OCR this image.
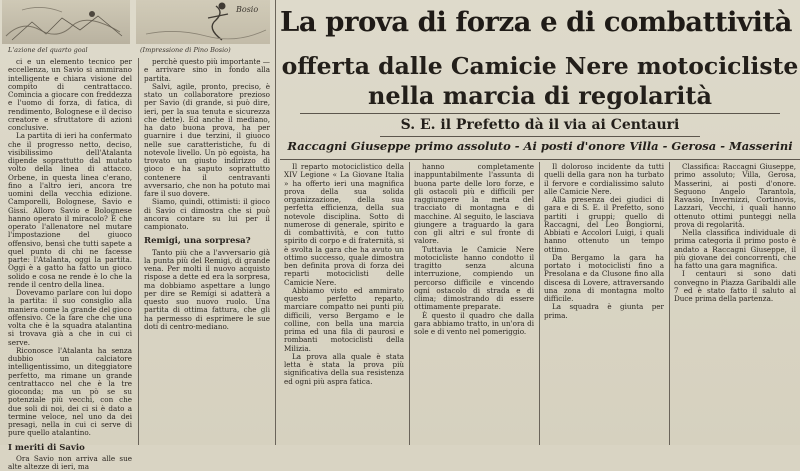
Bosio
L'azione del quarto goal	(Impressione di Pino Bosio)

ci e un elemento tecnico per eccellenza, un Savio si ammirano intelligente e chiara visione del compito di centrattacco. Comincia a giocare con freddezza e l'uomo di forza, di fatica, di rendimento, Bolognese e il deciso creatore e sfruttatore di azioni conclusive.

La partita di ieri ha confermato che il progresso netto, deciso, visibilissimo dell'Atalanta dipende soprattutto dal mutato volto della linea di attacco. Orbene, in questa linea c'erano, fino a l'altro ieri, ancora tre uomini della vecchia edizione. Camporelli, Bolognese, Savio e Gissi. Alloro Savio e Bolognese hanno operato il miracolo? E che operato l'allenatore nel mutare l'impostazione del giuoco offensivo, bensì che tutti sapete a quel punto di chi ne facesse parte: l'Atalanta, oggi la partita. Oggi è a gatto ha fatto un gioco solido e cosa ne rende è lo che la rende il centro della linea.

Dovevamo parlare con lui dopo la partita: il suo consiglio alla maniera come la grande del gioco offensivo. Ce la fare che che una volta che è la squadra atalantina si trovava già a che in cui ci serve.

Riconosce l'Atalanta ha senza dubbio un calciatore intelligentissimo, un diteggiatore perfetto, ma rimane un grande centrattacco nel che è la tre gioconda; ma un pò se su potenziale più vecchi, con che due soli di noi, dei ci si è dato a termine veloce, nel uno da dei presagi, nella in cui ci serve di pure quello atalantino.

I meriti di Savio

Ora Savio non arriva alle sue alte altezze di ieri, ma

perchè questo più importante — e arrivare sino in fondo alla partita.

Salvi, agile, pronto, preciso, è stato un collaboratore prezioso per Savio (di grande, si può dire, ieri, per la sua tenuta e sicurezza che dette). Ed anche il mediano, ha dato buona prova, ha per guarnire i due terzini, il giuoco nelle sue caratteristiche, fu di notevole livello. Un pò egoista, ha trovato un giusto indirizzo di gioco e ha saputo soprattutto contenere il centravanti avversario, che non ha potuto mai fare il suo dovere.

Siamo, quindi, ottimisti: il gioco di Savio ci dimostra che si può ancora contare su lui per il campionato.

Remigi, una sorpresa?

Tanto più che a l'avversario già la punta più del Remigi, di grande vena. Per molti il nuovo acquisto rispose a dette ed era la sorpresa, ma dobbiamo aspettare a lungo per dire se Remigi si adatterà a questo suo nuovo ruolo. Una partita di ottima fattura, che gli ha permesso di esprimere le sue doti di centro-mediano.

La prova di forza e di combattività
offerta dalle Camicie Nere motocicliste
nella marcia di regolarità
S. E. il Prefetto dà il via ai Centauri
Raccagni Giuseppe primo assoluto - Ai posti d'onore Villa - Gerosa - Masserini

Il reparto motociclistico della XIV Legione « La Giovane Italia » ha offerto ieri una magnifica prova della sua solida organizzazione, della sua perfetta efficienza, della sua notevole disciplina. Sotto di numerose di generale, spirito e di combattività, e con tutto spirito di corpo e di fraternità, si è svolta la gara che ha avuto un ottimo successo, quale dimostra ben definita prova di forza dei reparti motociclisti delle Camicie Nere.

Abbiamo visto ed ammirato questo perfetto reparto, marciare compatto nei punti più difficili, verso Bergamo e le colline, con bella una marcia prima ed una fila di paurosi e rombanti motociclisti della Milizia.

La prova alla quale è stata letta è stata la prova più significativa della sua resistenza ed ogni più aspra fatica.

hanno completamente inappuntabilmente l'assunta di buona parte delle loro forze, e gli ostacoli più e difficili per raggiungere la meta del tracciato di montagna e di macchine. Al seguito, le lasciava giungere a traguardo la gara con gli altri e sul fronte di valore.

Tuttavia le Camicie Nere motocicliste hanno condotto il tragitto senza alcuna interruzione, compiendo un percorso difficile e vincendo ogni ostacolo di strada e di clima; dimostrando di essere ottimamente preparate.

È questo il quadro che dalla gara abbiamo tratto, in un'ora di sole e di vento nel pomeriggio.

Il doloroso incidente da tutti quelli della gara non ha turbato il fervore e cordialissimo saluto alle Camicie Nere.

Alla presenza dei giudici di gara e di S. E. il Prefetto, sono partiti i gruppi; quello di Raccagni, del Leo Bongiorni, Abbiati e Accolori Luigi, i quali hanno ottenuto un tempo ottimo.

Da Bergamo la gara ha portato i motociclisti fino a Presolana e da Clusone fino alla discesa di Lovere, attraversando una zona di montagna molto difficile.

La squadra è giunta per prima.

Classifica: Raccagni Giuseppe, primo assoluto; Villa, Gerosa, Masserini, ai posti d'onore. Seguono Angelo Tarantola, Ravasio, Invernizzi, Cortinovis, Lazzari, Vecchi, i quali hanno ottenuto ottimi punteggi nella prova di regolarità.

Nella classifica individuale di prima categoria il primo posto è andato a Raccagni Giuseppe, il più giovane dei concorrenti, che ha fatto una gara magnifica.

I centauri si sono dati convegno in Piazza Garibaldi alle 7 ed è stato fatto il saluto al Duce prima della partenza.
